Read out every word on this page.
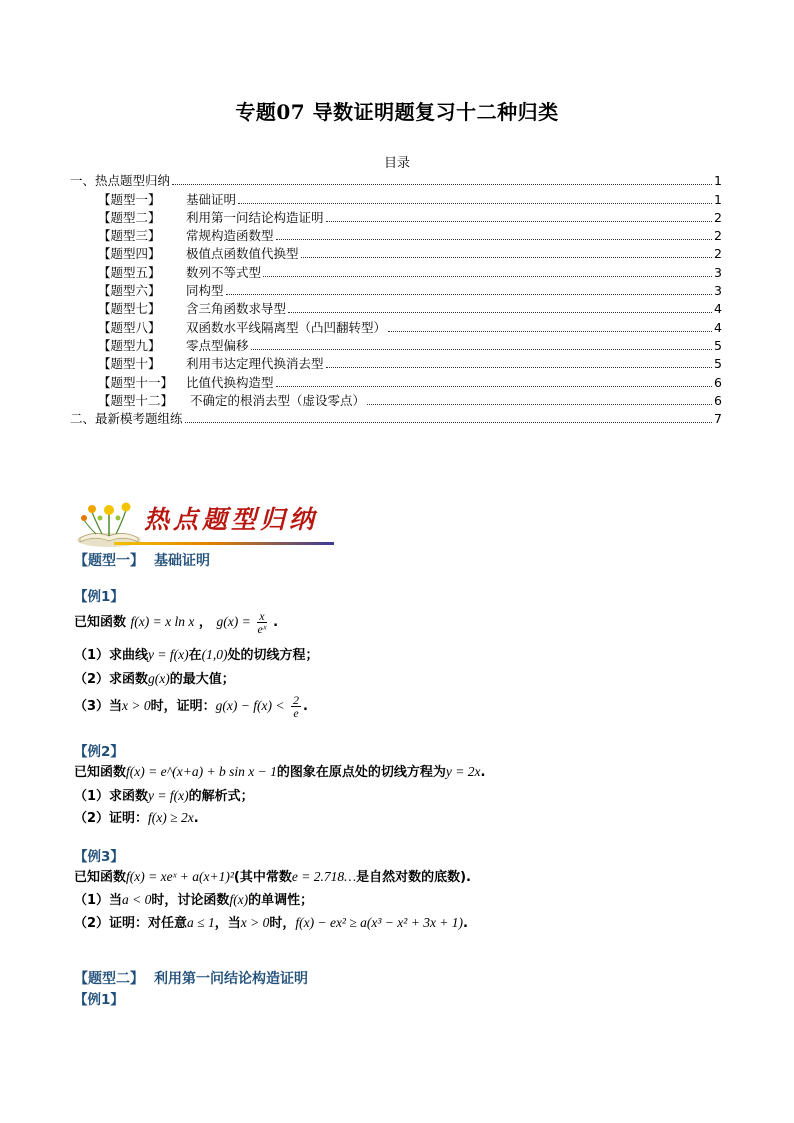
专题07 导数证明题复习十二种归类
目录
一、热点题型归纳	1
【题型一】	基础证明	1
【题型二】	利用第一问结论构造证明	2
【题型三】	常规构造函数型	2
【题型四】	极值点函数值代换型	2
【题型五】	数列不等式型	3
【题型六】	同构型	3
【题型七】	含三角函数求导型	4
【题型八】	双函数水平线隔离型（凸凹翻转型）	4
【题型九】	零点型偏移	5
【题型十】	利用韦达定理代换消去型	5
【题型十一】	比值代换构造型	6
【题型十二】	不确定的根消去型（虚设零点）	6
二、最新模考题组练	7
热点题型归纳
【题型一】 基础证明
【例1】
已知函数 f(x) = x ln x ， $g(x) = \frac{x}{\text{eˣ}}$ .
（1）求曲线y = f(x)在(1,0)处的切线方程；
（2）求函数g(x)的最大值；
（3）当x > 0时，证明：$g(x) - f(x) < \frac{2}{e}$ .
【例2】
已知函数f(x) = e^(x+a) + b sin x − 1的图象在原点处的切线方程为y = 2x.
（1）求函数y = f(x)的解析式；
（2）证明：f(x) ≥ 2x.
【例3】
已知函数f(x) = xeˣ + a(x+1)²(其中常数e = 2.718…是自然对数的底数).
（1）当a < 0时，讨论函数f(x)的单调性；
（2）证明：对任意a ≤ 1，当x > 0时，f(x) − ex² ≥ a(x³ − x² + 3x + 1).
【题型二】 利用第一问结论构造证明
【例1】
